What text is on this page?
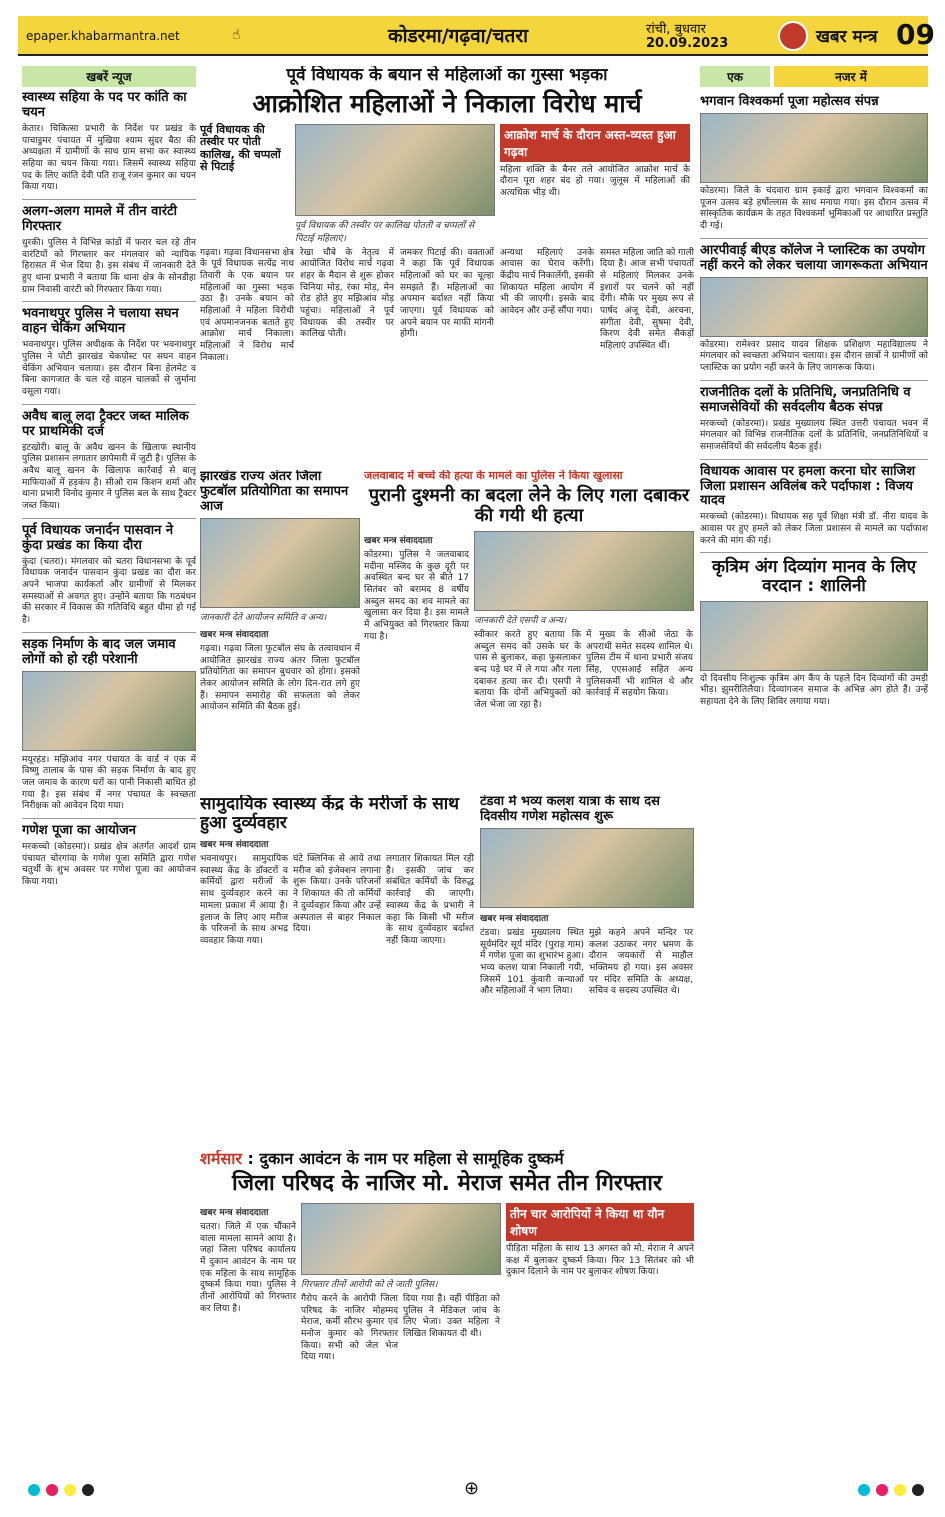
epaper.khabarmantra.net	☝	कोडरमा/गढ़वा/चतरा	रांची, बुधवार
20.09.2023	खबर मन्त्र 09
खबरें न्यूज
स्वास्थ्य सहिया के पद पर कांति का चयन
केतार। चिकित्सा प्रभारी के निर्देश पर प्रखंड के पाचाडुमर पंचायत में मुखिया श्याम सुंदर बैठा की अध्यक्षता में ग्रामीणों के साथ ग्राम सभा कर स्वास्थ्य सहिया का चयन किया गया। जिसमें स्वास्थ्य सहिया पद के लिए कांति देवी पति राजू रंजन कुमार का चयन किया गया।
अलग-अलग मामले में तीन वारंटी गिरफ्तार
धुरकी। पुलिस ने विभिन्न कांडों में फरार चल रहे तीन वारंटियों को गिरफ्तार कर मंगलवार को न्यायिक हिरासत में भेज दिया है। इस संबंध में जानकारी देते हुए थाना प्रभारी ने बताया कि थाना क्षेत्र के सोनडीहा ग्राम निवासी वारंटी को गिरफ्तार किया गया।
भवनाथपुर पुलिस ने चलाया सघन वाहन चेकिंग अभियान
भवनाथपुर। पुलिस अधीक्षक के निर्देश पर भवनाथपुर पुलिस ने पोटी झारखंड चेकपोस्ट पर सघन वाहन चेकिंग अभियान चलाया। इस दौरान बिना हेलमेट व बिना कागजात के चल रहे वाहन चालकों से जुर्माना वसूला गया।
अवैध बालू लदा ट्रैक्टर जब्त मालिक पर प्राथमिकी दर्ज
इटखोरी। बालू के अवैध खनन के खिलाफ स्थानीय पुलिस प्रशासन लगातार छापेमारी में जुटी है। पुलिस के अवैध बालू खनन के खिलाफ कार्रवाई से बालू माफियाओं में हड़कंप है। सीओ राम किशन शर्मा और थाना प्रभारी विनोद कुमार ने पुलिस बल के साथ ट्रैक्टर जब्त किया।
पूर्व विधायक जनार्दन पासवान ने कुंदा प्रखंड का किया दौरा
कुंदा (चतरा)। मंगलवार को चतरा विधानसभा के पूर्व विधायक जनार्दन पासवान कुंदा प्रखंड का दौरा कर अपने भाजपा कार्यकर्ता और ग्रामीणों से मिलकर समस्याओं से अवगत हुए। उन्होंने बताया कि गठबंधन की सरकार में विकास की गतिविधि बहुत धीमा हो गई है।
सड़क निर्माण के बाद जल जमाव लोगों को हो रही परेशानी
मयूरहंड। मझिआंव नगर पंचायत के वार्ड नं एक में विष्णु तालाब के पास की सड़क निर्माण के बाद हुए जल जमाव के कारण घरों का पानी निकासी बाधित हो गया है। इस संबंध में नगर पंचायत के स्वच्छता निरीक्षक को आवेदन दिया गया।
गणेश पूजा का आयोजन
मरकच्चो (कोडरमा)। प्रखंड क्षेत्र अंतर्गत आदर्श ग्राम पंचायत चोरगांवा के गणेश पूजा समिति द्वारा गणेश चतुर्थी के शुभ अवसर पर गणेश पूजा का आयोजन किया गया।
पूर्व विधायक के बयान से महिलाओं का गुस्सा भड़का
आक्रोशित महिलाओं ने निकाला विरोध मार्च
पूर्व विधायक की तस्वीर पर पोती कालिख, की चप्पलों से पिटाई
पूर्व विधायक की तस्वीर पर कालिख पोतती व चप्पलों से पिटाई महिलाएं।
आक्रोश मार्च के दौरान अस्त-व्यस्त हुआ गढ़वा
महिला शक्ति के बैनर तले आयोजित आक्रोश मार्च के दौरान पूरा शहर बंद हो गया। जुलूस में महिलाओं की अत्यधिक भीड़ थी।
गढ़वा। गढ़वा विधानसभा क्षेत्र के पूर्व विधायक सत्येंद्र नाथ तिवारी के एक बयान पर महिलाओं का गुस्सा भड़क उठा है। उनके बयान को महिलाओं ने महिला विरोधी एवं अपमानजनक बताते हुए आक्रोश मार्च निकाला। महिलाओं ने विरोध मार्च निकाला।
रेखा चौबे के नेतृत्व में आयोजित विरोध मार्च गढ़वा शहर के मैदान से शुरू होकर चिनिया मोड़, रंका मोड़, मेन रोड होते हुए मझिआंव मोड़ पहुंचा। महिलाओं ने पूर्व विधायक की तस्वीर पर कालिख पोती।
जमकर पिटाई की। वक्ताओं ने कहा कि पूर्व विधायक महिलाओं को घर का चूल्हा समझते हैं। महिलाओं का अपमान बर्दाश्त नहीं किया जाएगा। पूर्व विधायक को अपने बयान पर माफी मांगनी होगी।
अन्यथा महिलाएं उनके आवास का घेराव करेंगी। केंद्रीय मार्च निकालेंगी, इसकी शिकायत महिला आयोग में भी की जाएगी। इसके बाद आवेदन और उन्हें सौंपा गया।
समस्त महिला जाति को गाली दिया है। आज सभी पंचायतों से महिलाएं मिलकर उनके इशारों पर चलने को नहीं देंगी। मौके पर मुख्य रूप से पार्षद अंजू देवी, अरचना, संगीता देवी, सुषमा देवी, किरण देवी समेत सैकड़ों महिलाएं उपस्थित थीं।
झारखंड राज्य अंतर जिला फुटबॉल प्रतियोगिता का समापन आज
जानकारी देते आयोजन समिति व अन्य।
खबर मन्त्र संवाददाता
गढ़वा। गढ़वा जिला फुटबॉल संघ के तत्वावधान में आयोजित झारखंड राज्य अंतर जिला फुटबॉल प्रतियोगिता का समापन बुधवार को होगा। इसको लेकर आयोजन समिति के लोग दिन-रात लगे हुए हैं। समापन समारोह की सफलता को लेकर आयोजन समिति की बैठक हुई।
जलवाबाद में बच्चे की हत्या के मामले का पुलिस ने किया खुलासा
पुरानी दुश्मनी का बदला लेने के लिए गला दबाकर की गयी थी हत्या
खबर मन्त्र संवाददाता
कोडरमा। पुलिस ने जलवाबाद मदीना मस्जिद के कुछ दूरी पर अवस्थित बन्द घर से बीते 17 सितंबर को बरामद 8 वर्षीय अब्दुल समद का शव मामले का खुलासा कर दिया है। इस मामले में अभियुक्त को गिरफ्तार किया गया है।
जानकारी देते एसपी व अन्य।
स्वीकार करते हुए बताया कि अब्दुल समद को उसके घर के पास से बुलाकर, कहा फुसलाकर बन्द पड़े घर में ले गया और गला दबाकर हत्या कर दी। एसपी ने बताया कि दोनों अभियुक्तों को जेल भेजा जा रहा है।
में मुख्य के सीओ जेठा के अपराधी समेत सदस्य शामिल थे। पुलिस टीम में थाना प्रभारी संजय सिंह, एएसआई सहित अन्य पुलिसकर्मी भी शामिल थे और कार्रवाई में सहयोग किया।
सामुदायिक स्वास्थ्य केंद्र के मरीजों के साथ हुआ दुर्व्यवहार
खबर मन्त्र संवाददाता
भवनाथपुर। सामुदायिक स्वास्थ्य केंद्र के डॉक्टरों व कर्मियों द्वारा मरीजों के साथ दुर्व्यवहार करने का मामला प्रकाश में आया है। इलाज के लिए आए मरीज के परिजनों के साथ अभद्र व्यवहार किया गया।
घंटे क्लिनिक से आये तथा मरीज को इंजेक्शन लगाना शुरू किया। उनके परिजनों ने शिकायत की तो कर्मियों ने दुर्व्यवहार किया और उन्हें अस्पताल से बाहर निकाल दिया।
लगातार शिकायत मिल रही है। इसकी जांच कर संबंधित कर्मियों के विरुद्ध कार्रवाई की जाएगी। स्वास्थ्य केंद्र के प्रभारी ने कहा कि किसी भी मरीज के साथ दुर्व्यवहार बर्दाश्त नहीं किया जाएगा।
टंडवा में भव्य कलश यात्रा के साथ दस दिवसीय गणेश महोत्सव शुरू
खबर मन्त्र संवाददाता
टंडवा। प्रखंड मुख्यालय स्थित सूर्यमंदिर सूर्य मंदिर (पुराड़ गाम) में गणेश पूजा का शुभारंभ हुआ। भव्य कलश यात्रा निकाली गयी, जिसमें 101 कुंवारी कन्याओं और महिलाओं ने भाग लिया।
मुझे कहने अपने मन्दिर पर कलश उठाकर नगर भ्रमण के दौरान जयकारों से माहौल भक्तिमय हो गया। इस अवसर पर मंदिर समिति के अध्यक्ष, सचिव व सदस्य उपस्थित थे।
एक	नजर में
भगवान विश्वकर्मा पूजा महोत्सव संपन्न
कोडरमा। जिले के चंदवारा ग्राम इकाई द्वारा भगवान विश्वकर्मा का पूजन उत्सव बड़े हर्षोल्लास के साथ मनाया गया। इस दौरान उत्सव में सांस्कृतिक कार्यक्रम के तहत विश्वकर्मा भूमिकाओं पर आधारित प्रस्तुति दी गई।
आरपीवाई बीएड कॉलेज ने प्लास्टिक का उपयोग नहीं करने को लेकर चलाया जागरूकता अभियान
कोडरमा। रामेश्वर प्रसाद यादव शिक्षक प्रशिक्षण महाविद्यालय ने मंगलवार को स्वच्छता अभियान चलाया। इस दौरान छात्रों ने ग्रामीणों को प्लास्टिक का प्रयोग नहीं करने के लिए जागरूक किया।
राजनीतिक दलों के प्रतिनिधि, जनप्रतिनिधि व समाजसेवियों की सर्वदलीय बैठक संपन्न
मरकच्चो (कोडरमा)। प्रखंड मुख्यालय स्थित उत्तरी पंचायत भवन में मंगलवार को विभिन्न राजनीतिक दलों के प्रतिनिधि, जनप्रतिनिधियों व समाजसेवियों की सर्वदलीय बैठक हुई।
विधायक आवास पर हमला करना घोर साजिश जिला प्रशासन अविलंब करे पर्दाफाश : विजय यादव
मरकच्चो (कोडरमा)। विधायक सह पूर्व शिक्षा मंत्री डॉ. नीरा यादव के आवास पर हुए हमले को लेकर जिला प्रशासन से मामले का पर्दाफाश करने की मांग की गई।
कृत्रिम अंग दिव्यांग मानव के लिए वरदान : शालिनी
दो दिवसीय निःशुल्क कृत्रिम अंग कैंप के पहले दिन दिव्यांगों की उमड़ी भीड़। झुमरीतिलैया। दिव्यांगजन समाज के अभिन्न अंग होते हैं। उन्हें सहायता देने के लिए शिविर लगाया गया।
शर्मसार : दुकान आवंटन के नाम पर महिला से सामूहिक दुष्कर्म
जिला परिषद के नाजिर मो. मेराज समेत तीन गिरफ्तार
खबर मन्त्र संवाददाता
चतरा। जिले में एक चौंकाने वाला मामला सामने आया है। जहां जिला परिषद कार्यालय में दुकान आवंटन के नाम पर एक महिला के साथ सामूहिक दुष्कर्म किया गया। पुलिस ने तीनों आरोपियों को गिरफ्तार कर लिया है।
गिरफ्तार तीनों आरोपी को ले जाती पुलिस।
गैरोप करने के आरोपी जिला परिषद के नाजिर मोहम्मद मेराज, कर्मी सौरभ कुमार एवं मनोज कुमार को गिरफ्तार किया। सभी को जेल भेज दिया गया।
दिया गया है। वहीं पीड़िता को पुलिस ने मेडिकल जांच के लिए भेजा। उक्त महिला ने लिखित शिकायत दी थी।
तीन चार आरोपियों ने किया था यौन शोषण
पीड़िता महिला के साथ 13 अगस्त को मो. मेराज ने अपने कक्ष में बुलाकर दुष्कर्म किया। फिर 13 सितंबर को भी दुकान दिलाने के नाम पर बुलाकर शोषण किया।
⊕
